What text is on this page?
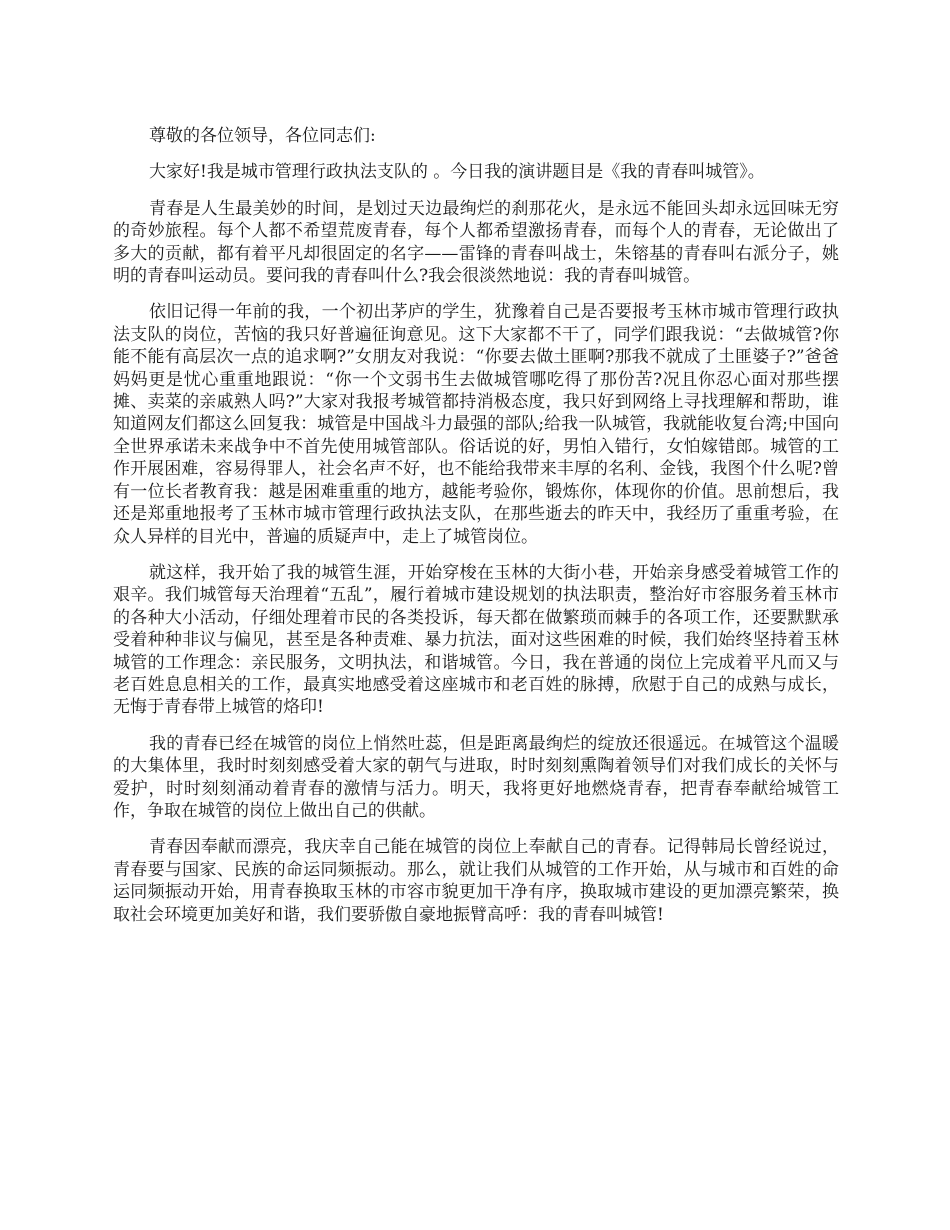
尊敬的各位领导，各位同志们:

大家好!我是城市管理行政执法支队的 。今日我的演讲题目是《我的青春叫城管》。

青春是人生最美妙的时间，是划过天边最绚烂的刹那花火，是永远不能回头却永远回味无穷的奇妙旅程。每个人都不希望荒废青春，每个人都希望激扬青春，而每个人的青春，无论做出了多大的贡献，都有着平凡却很固定的名字——雷锋的青春叫战士，朱镕基的青春叫右派分子，姚明的青春叫运动员。要问我的青春叫什么?我会很淡然地说：我的青春叫城管。

依旧记得一年前的我，一个初出茅庐的学生，犹豫着自己是否要报考玉林市城市管理行政执法支队的岗位，苦恼的我只好普遍征询意见。这下大家都不干了，同学们跟我说：“去做城管?你能不能有高层次一点的追求啊?”女朋友对我说：“你要去做土匪啊?那我不就成了土匪婆子?”爸爸妈妈更是忧心重重地跟说：“你一个文弱书生去做城管哪吃得了那份苦?况且你忍心面对那些摆摊、卖菜的亲戚熟人吗?”大家对我报考城管都持消极态度，我只好到网络上寻找理解和帮助，谁知道网友们都这么回复我：城管是中国战斗力最强的部队;给我一队城管，我就能收复台湾;中国向全世界承诺未来战争中不首先使用城管部队。俗话说的好，男怕入错行，女怕嫁错郎。城管的工作开展困难，容易得罪人，社会名声不好，也不能给我带来丰厚的名利、金钱，我图个什么呢?曾有一位长者教育我：越是困难重重的地方，越能考验你，锻炼你，体现你的价值。思前想后，我还是郑重地报考了玉林市城市管理行政执法支队，在那些逝去的昨天中，我经历了重重考验，在众人异样的目光中，普遍的质疑声中，走上了城管岗位。

就这样，我开始了我的城管生涯，开始穿梭在玉林的大街小巷，开始亲身感受着城管工作的艰辛。我们城管每天治理着“五乱”，履行着城市建设规划的执法职责，整治好市容服务着玉林市的各种大小活动，仔细处理着市民的各类投诉，每天都在做繁琐而棘手的各项工作，还要默默承受着种种非议与偏见，甚至是各种责难、暴力抗法，面对这些困难的时候，我们始终坚持着玉林城管的工作理念：亲民服务，文明执法，和谐城管。今日，我在普通的岗位上完成着平凡而又与老百姓息息相关的工作，最真实地感受着这座城市和老百姓的脉搏，欣慰于自己的成熟与成长，无悔于青春带上城管的烙印!

我的青春已经在城管的岗位上悄然吐蕊，但是距离最绚烂的绽放还很遥远。在城管这个温暖的大集体里，我时时刻刻感受着大家的朝气与进取，时时刻刻熏陶着领导们对我们成长的关怀与爱护，时时刻刻涌动着青春的激情与活力。明天，我将更好地燃烧青春，把青春奉献给城管工作，争取在城管的岗位上做出自己的供献。

青春因奉献而漂亮，我庆幸自己能在城管的岗位上奉献自己的青春。记得韩局长曾经说过，青春要与国家、民族的命运同频振动。那么，就让我们从城管的工作开始，从与城市和百姓的命运同频振动开始，用青春换取玉林的市容市貌更加干净有序，换取城市建设的更加漂亮繁荣，换取社会环境更加美好和谐，我们要骄傲自豪地振臂高呼：我的青春叫城管!
